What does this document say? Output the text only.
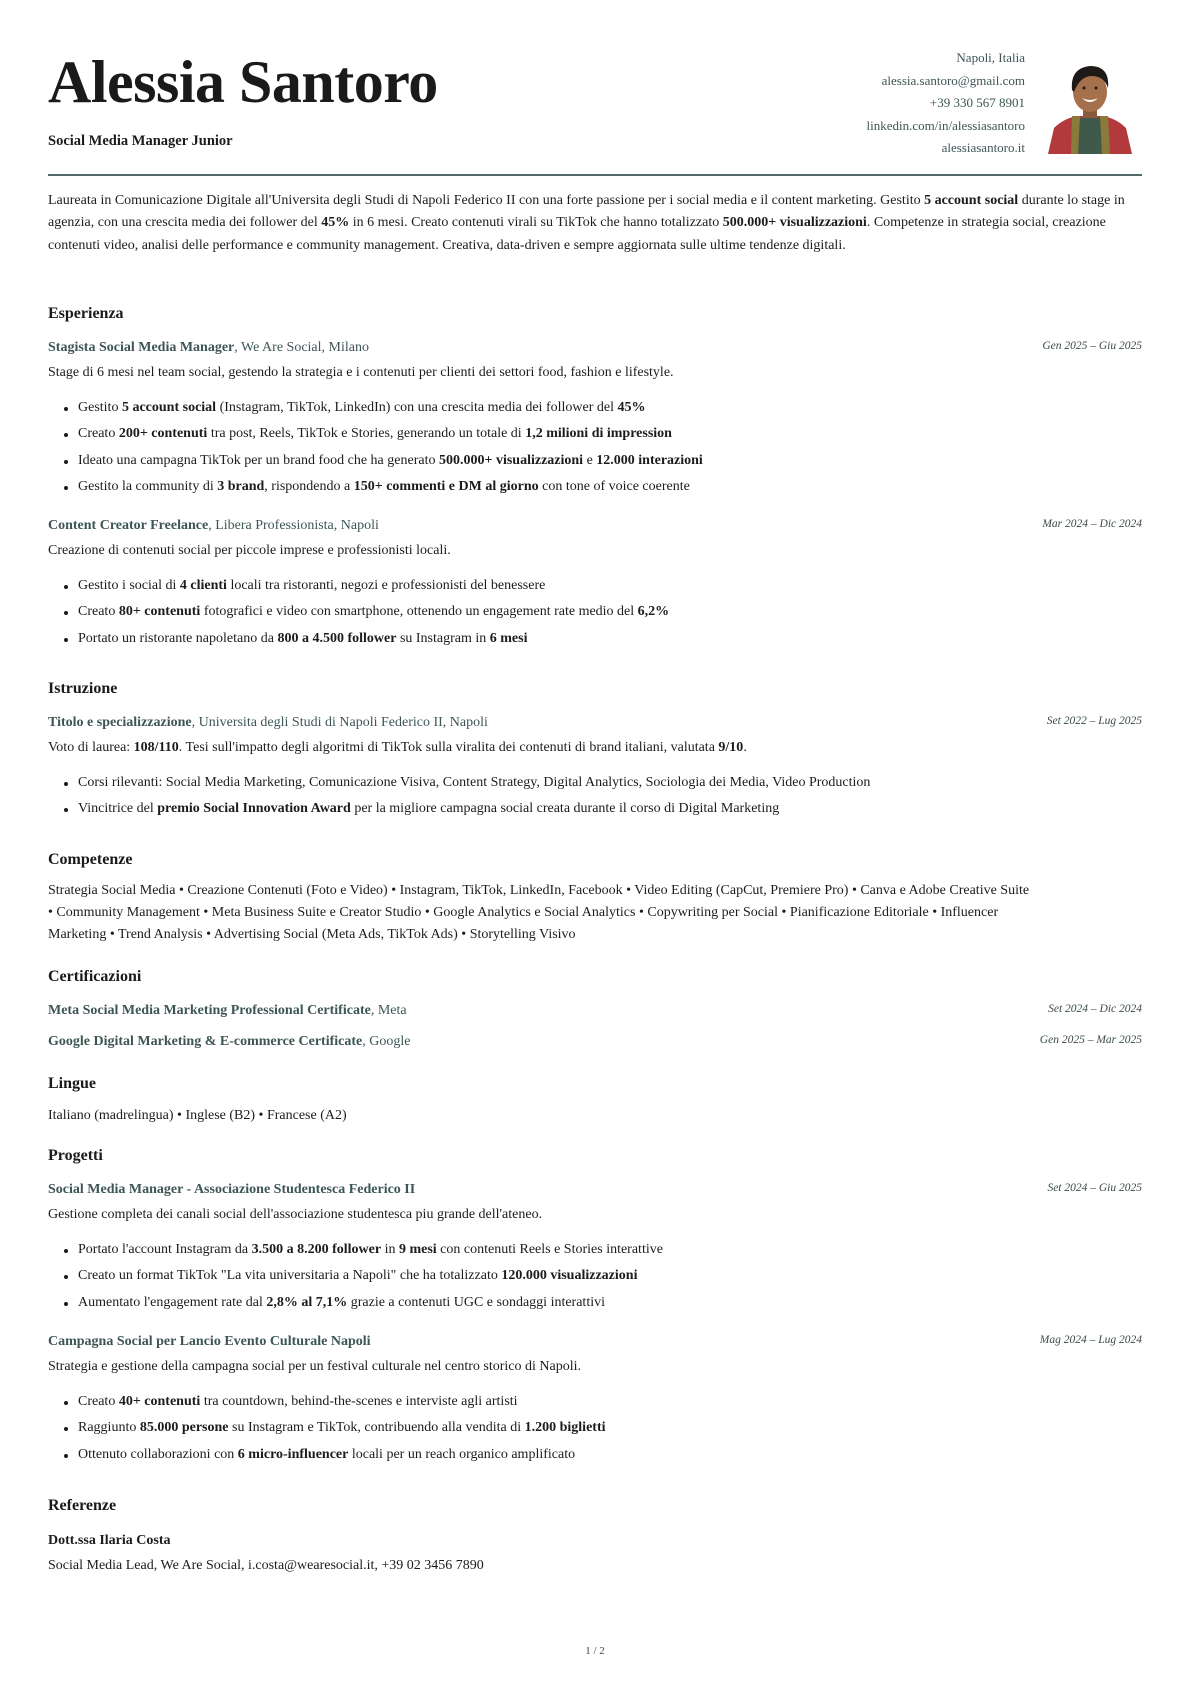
Alessia Santoro
Social Media Manager Junior
Napoli, Italia
alessia.santoro@gmail.com
+39 330 567 8901
linkedin.com/in/alessiasantoro
alessiasantoro.it
Laureata in Comunicazione Digitale all'Universita degli Studi di Napoli Federico II con una forte passione per i social media e il content marketing. Gestito 5 account social durante lo stage in agenzia, con una crescita media dei follower del 45% in 6 mesi. Creato contenuti virali su TikTok che hanno totalizzato 500.000+ visualizzazioni. Competenze in strategia social, creazione contenuti video, analisi delle performance e community management. Creativa, data-driven e sempre aggiornata sulle ultime tendenze digitali.
Esperienza
Stagista Social Media Manager, We Are Social, Milano	Gen 2025 – Giu 2025
Stage di 6 mesi nel team social, gestendo la strategia e i contenuti per clienti dei settori food, fashion e lifestyle.
Gestito 5 account social (Instagram, TikTok, LinkedIn) con una crescita media dei follower del 45%
Creato 200+ contenuti tra post, Reels, TikTok e Stories, generando un totale di 1,2 milioni di impression
Ideato una campagna TikTok per un brand food che ha generato 500.000+ visualizzazioni e 12.000 interazioni
Gestito la community di 3 brand, rispondendo a 150+ commenti e DM al giorno con tone of voice coerente
Content Creator Freelance, Libera Professionista, Napoli	Mar 2024 – Dic 2024
Creazione di contenuti social per piccole imprese e professionisti locali.
Gestito i social di 4 clienti locali tra ristoranti, negozi e professionisti del benessere
Creato 80+ contenuti fotografici e video con smartphone, ottenendo un engagement rate medio del 6,2%
Portato un ristorante napoletano da 800 a 4.500 follower su Instagram in 6 mesi
Istruzione
Titolo e specializzazione, Universita degli Studi di Napoli Federico II, Napoli	Set 2022 – Lug 2025
Voto di laurea: 108/110. Tesi sull'impatto degli algoritmi di TikTok sulla viralita dei contenuti di brand italiani, valutata 9/10.
Corsi rilevanti: Social Media Marketing, Comunicazione Visiva, Content Strategy, Digital Analytics, Sociologia dei Media, Video Production
Vincitrice del premio Social Innovation Award per la migliore campagna social creata durante il corso di Digital Marketing
Competenze
Strategia Social Media • Creazione Contenuti (Foto e Video) • Instagram, TikTok, LinkedIn, Facebook • Video Editing (CapCut, Premiere Pro) • Canva e Adobe Creative Suite
• Community Management • Meta Business Suite e Creator Studio • Google Analytics e Social Analytics • Copywriting per Social • Pianificazione Editoriale • Influencer
Marketing • Trend Analysis • Advertising Social (Meta Ads, TikTok Ads) • Storytelling Visivo
Certificazioni
Meta Social Media Marketing Professional Certificate, Meta	Set 2024 – Dic 2024
Google Digital Marketing & E-commerce Certificate, Google	Gen 2025 – Mar 2025
Lingue
Italiano (madrelingua) • Inglese (B2) • Francese (A2)
Progetti
Social Media Manager - Associazione Studentesca Federico II	Set 2024 – Giu 2025
Gestione completa dei canali social dell'associazione studentesca piu grande dell'ateneo.
Portato l'account Instagram da 3.500 a 8.200 follower in 9 mesi con contenuti Reels e Stories interattive
Creato un format TikTok "La vita universitaria a Napoli" che ha totalizzato 120.000 visualizzazioni
Aumentato l'engagement rate dal 2,8% al 7,1% grazie a contenuti UGC e sondaggi interattivi
Campagna Social per Lancio Evento Culturale Napoli	Mag 2024 – Lug 2024
Strategia e gestione della campagna social per un festival culturale nel centro storico di Napoli.
Creato 40+ contenuti tra countdown, behind-the-scenes e interviste agli artisti
Raggiunto 85.000 persone su Instagram e TikTok, contribuendo alla vendita di 1.200 biglietti
Ottenuto collaborazioni con 6 micro-influencer locali per un reach organico amplificato
Referenze
Dott.ssa Ilaria Costa
Social Media Lead, We Are Social, i.costa@wearesocial.it, +39 02 3456 7890
1 / 2
